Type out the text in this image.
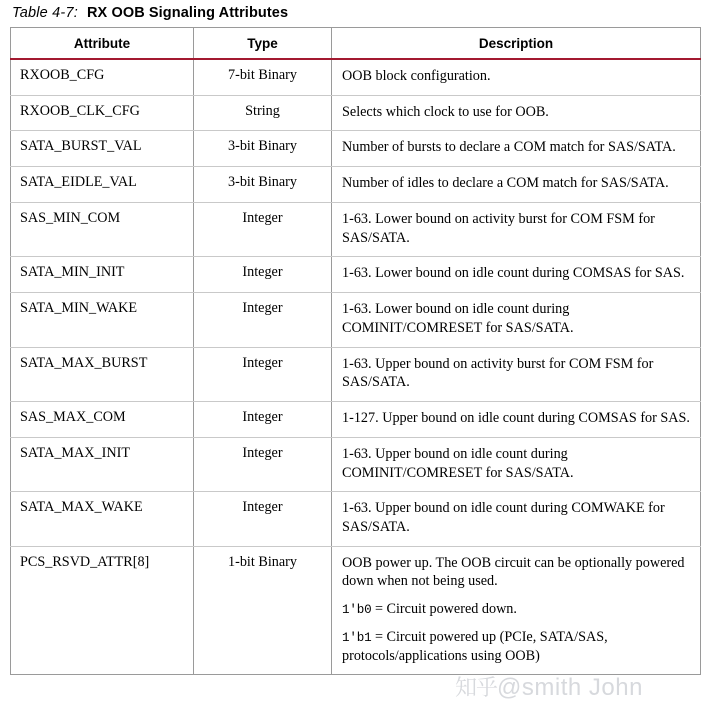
Table 4-7: RX OOB Signaling Attributes
Attribute	Type	Description
RXOOB_CFG	7-bit Binary	OOB block configuration.

RXOOB_CLK_CFG	String	Selects which clock to use for OOB.

SATA_BURST_VAL	3-bit Binary	Number of bursts to declare a COM match for SAS/SATA.

SATA_EIDLE_VAL	3-bit Binary	Number of idles to declare a COM match for SAS/SATA.

SAS_MIN_COM	Integer	1-63. Lower bound on activity burst for COM FSM for SAS/SATA.

SATA_MIN_INIT	Integer	1-63. Lower bound on idle count during COMSAS for SAS.

SATA_MIN_WAKE	Integer	1-63. Lower bound on idle count during COMINIT/COMRESET for SAS/SATA.

SATA_MAX_BURST	Integer	1-63. Upper bound on activity burst for COM FSM for SAS/SATA.

SAS_MAX_COM	Integer	1-127. Upper bound on idle count during COMSAS for SAS.

SATA_MAX_INIT	Integer	1-63. Upper bound on idle count during COMINIT/COMRESET for SAS/SATA.

SATA_MAX_WAKE	Integer	1-63. Upper bound on idle count during COMWAKE for SAS/SATA.

PCS_RSVD_ATTR[8]	1-bit Binary	OOB power up. The OOB circuit can be optionally powered down when not being used.
1'b0 = Circuit powered down.
1'b1 = Circuit powered up (PCIe, SATA/SAS, protocols/applications using OOB)
知乎@smith John
